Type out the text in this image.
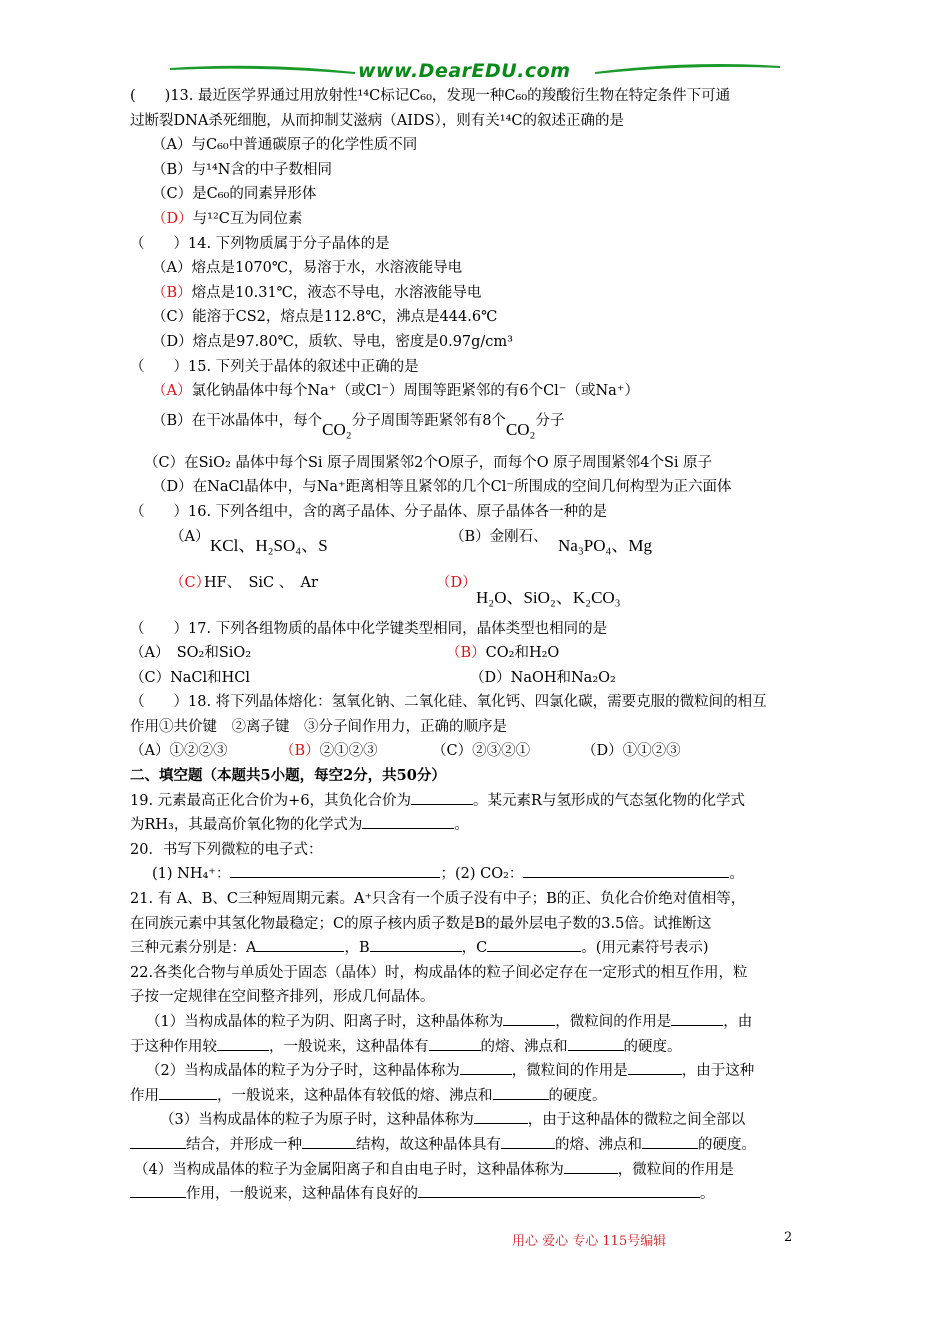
www.DearEDU.com
(　　)13. 最近医学界通过用放射性¹⁴C标记C₆₀，发现一种C₆₀的羧酸衍生物在特定条件下可通
过断裂DNA杀死细胞，从而抑制艾滋病（AIDS），则有关¹⁴C的叙述正确的是
（A）与C₆₀中普通碳原子的化学性质不同
（B）与¹⁴N含的中子数相同
（C）是C₆₀的同素异形体
（D）与¹²C互为同位素
（　　）14. 下列物质属于分子晶体的是
（A）熔点是1070℃，易溶于水，水溶液能导电
（B）熔点是10.31℃，液态不导电，水溶液能导电
（C）能溶于CS2，熔点是112.8℃，沸点是444.6℃
（D）熔点是97.80℃，质软、导电，密度是0.97g/cm³
（　　）15. 下列关于晶体的叙述中正确的是
（A）氯化钠晶体中每个Na⁺（或Cl⁻）周围等距紧邻的有6个Cl⁻（或Na⁺）
（B）在干冰晶体中，每个CO₂分子周围等距紧邻有8个CO₂分子
（C）在SiO₂ 晶体中每个Si 原子周围紧邻2个O原子，而每个O 原子周围紧邻4个Si 原子
（D）在NaCl晶体中，与Na⁺距离相等且紧邻的几个Cl⁻所围成的空间几何构型为正六面体
（　　）16. 下列各组中，含的离子晶体、分子晶体、原子晶体各一种的是
（A） KCl、H₂SO₄、S	（B）金刚石、 Na₃PO₄、Mg
（C）
HF、　SiC 、　Ar	（D）
H₂O、SiO₂、K₂CO₃
（　　）17. 下列各组物质的晶体中化学键类型相同，晶体类型也相同的是
（A）　SO₂和SiO₂	（B）CO₂和H₂O
（C）NaCl和HCl	（D）NaOH和Na₂O₂
（　　）18. 将下列晶体熔化：氢氧化钠、二氧化硅、氧化钙、四氯化碳，需要克服的微粒间的相互
作用①共价键　②离子键　③分子间作用力，正确的顺序是
（A）①②②③	（B）②①②③	（C）②③②①	（D）①①②③
二、填空题（本题共5小题，每空2分，共50分）
19. 元素最高正化合价为+6，其负化合价为	。某元素R与氢形成的气态氢化物的化学式
为RH₃，其最高价氧化物的化学式为	。
20．书写下列微粒的电子式：
(1) NH₄⁺：	；(2) CO₂：	。
21. 有 A、B、C三种短周期元素。A⁺只含有一个质子没有中子；B的正、负化合价绝对值相等，
在同族元素中其氢化物最稳定；C的原子核内质子数是B的最外层电子数的3.5倍。试推断这
三种元素分别是：A	，B	，C	。(用元素符号表示)
22.各类化合物与单质处于固态（晶体）时，构成晶体的粒子间必定存在一定形式的相互作用，粒
子按一定规律在空间整齐排列，形成几何晶体。
（1）当构成晶体的粒子为阴、阳离子时，这种晶体称为	，微粒间的作用是	，由
于这种作用较	，一般说来，这种晶体有	的熔、沸点和	的硬度。
（2）当构成晶体的粒子为分子时，这种晶体称为	，微粒间的作用是	，由于这种
作用	，一般说来，这种晶体有较低的熔、沸点和	的硬度。
（3）当构成晶体的粒子为原子时，这种晶体称为	，由于这种晶体的微粒之间全部以
结合，并形成一种	结构，故这种晶体具有	的熔、沸点和	的硬度。
（4）当构成晶体的粒子为金属阳离子和自由电子时，这种晶体称为	，微粒间的作用是
作用，一般说来，这种晶体有良好的	。
用心 爱心 专心 115号编辑	2
